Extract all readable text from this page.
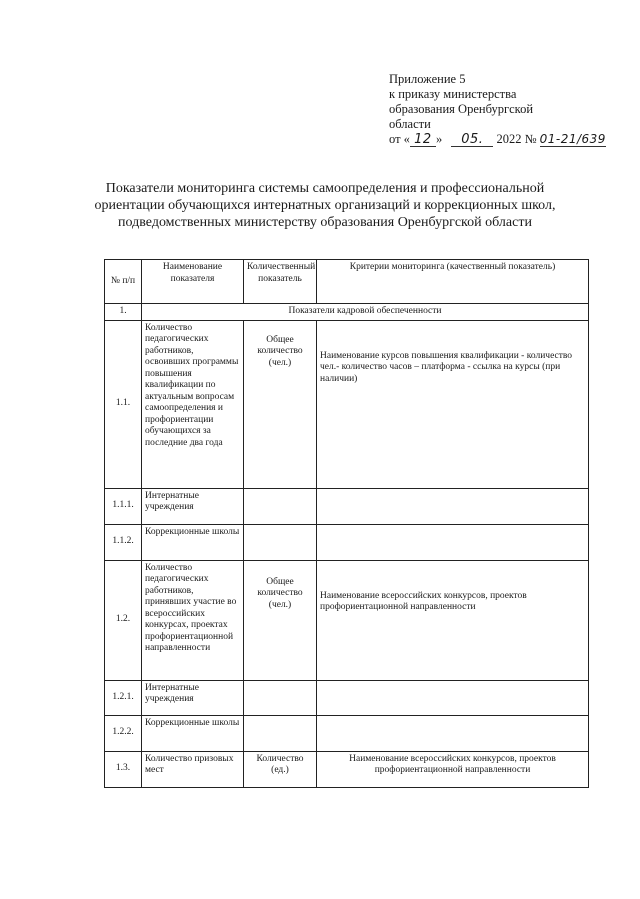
Приложение 5
к приказу министерства
образования Оренбургской
области
от « 12 » 05. 2022 № 01-21/639
Показатели мониторинга системы самоопределения и профессиональной
ориентации обучающихся интернатных организаций и коррекционных школ,
подведомственных министерству образования Оренбургской области
№ п/п	Наименование показателя	Количественный показатель	Критерии мониторинга (качественный показатель)
1.	Показатели кадровой обеспеченности		
1.1.	Количество педагогических работников, освоивших программы повышения квалификации по актуальным вопросам самоопределения и профориентации обучающихся за последние два года	Общее количество (чел.)	Наименование курсов повышения квалификации - количество чел.- количество часов – платформа - ссылка на курсы (при наличии)
1.1.1.	Интернатные учреждения		
1.1.2.	Коррекционные школы		
1.2.	Количество педагогических работников, принявших участие во всероссийских конкурсах, проектах профориентационной направленности	Общее количество (чел.)	Наименование всероссийских конкурсов, проектов профориентационной направленности
1.2.1.	Интернатные учреждения		
1.2.2.	Коррекционные школы		
1.3.	Количество призовых мест	Количество (ед.)	Наименование всероссийских конкурсов, проектов профориентационной направленности
